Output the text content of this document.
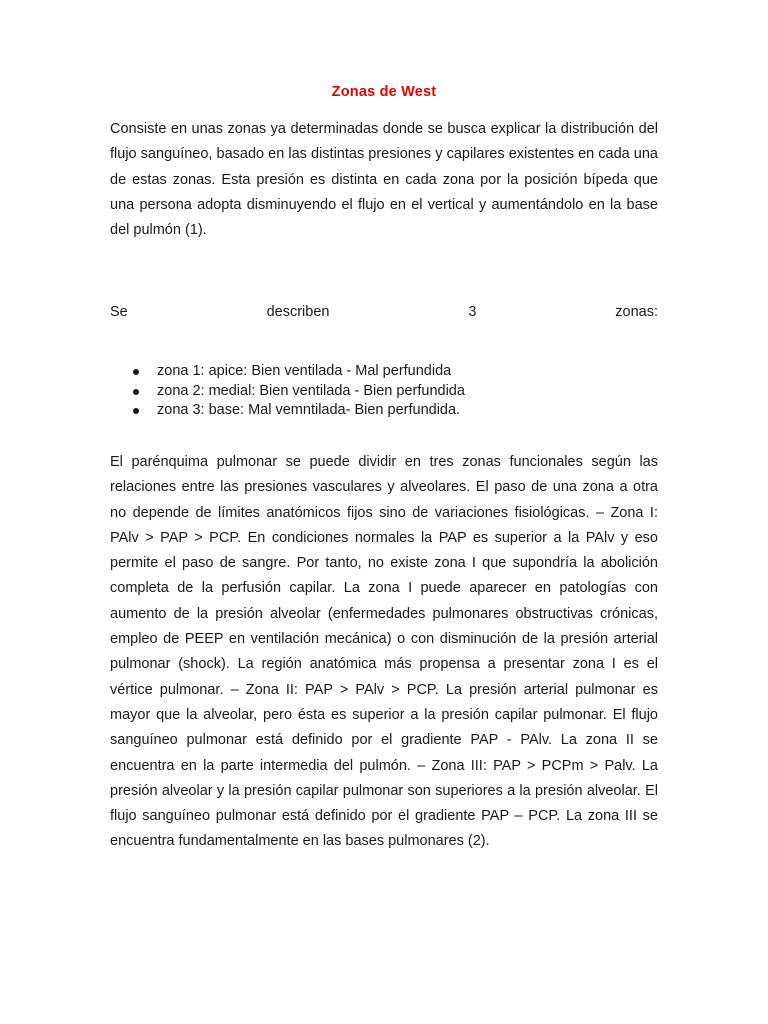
Zonas de West

Consiste en unas zonas ya determinadas donde se busca explicar la distribución del flujo sanguíneo, basado en las distintas presiones y capilares existentes en cada una de estas zonas. Esta presión es distinta en cada zona por la posición bípeda que una persona adopta disminuyendo el flujo en el vertical y aumentándolo en la base del pulmón (1).

Se describen 3 zonas:

zona 1: apice: Bien ventilada - Mal perfundida
zona 2: medial: Bien ventilada - Bien perfundida
zona 3: base: Mal vemntilada- Bien perfundida.

El parénquima pulmonar se puede dividir en tres zonas funcionales según las relaciones entre las presiones vasculares y alveolares. El paso de una zona a otra no depende de límites anatómicos fijos sino de variaciones fisiológicas. – Zona I: PAlv > PAP > PCP. En condiciones normales la PAP es superior a la PAlv y eso permite el paso de sangre. Por tanto, no existe zona I que supondría la abolición completa de la perfusión capilar. La zona I puede aparecer en patologías con aumento de la presión alveolar (enfermedades pulmonares obstructivas crónicas, empleo de PEEP en ventilación mecánica) o con disminución de la presión arterial pulmonar (shock). La región anatómica más propensa a presentar zona I es el vértice pulmonar. – Zona II: PAP > PAlv > PCP. La presión arterial pulmonar es mayor que la alveolar, pero ésta es superior a la presión capilar pulmonar. El flujo sanguíneo pulmonar está definido por el gradiente PAP - PAlv. La zona II se encuentra en la parte intermedia del pulmón. – Zona III: PAP > PCPm > Palv. La presión alveolar y la presión capilar pulmonar son superiores a la presión alveolar. El flujo sanguíneo pulmonar está definido por el gradiente PAP – PCP. La zona III se encuentra fundamentalmente en las bases pulmonares (2).
